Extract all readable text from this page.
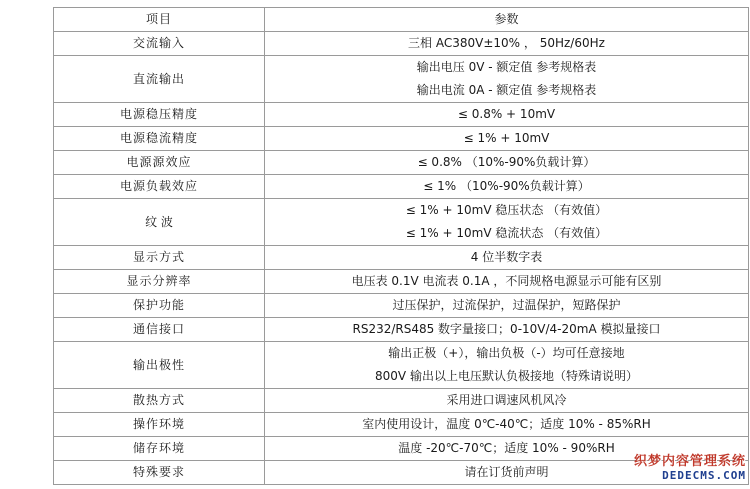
项目	参数
交流输入	三相 AC380V±10% ， 50Hz/60Hz
直流输出	输出电压 0V - 额定值 参考规格表
输出电流 0A - 额定值 参考规格表

电源稳压精度	≤ 0.8% + 10mV
电源稳流精度	≤ 1% + 10mV
电源源效应	≤ 0.8% （10%-90%负载计算）
电源负载效应	≤ 1% （10%-90%负载计算）
纹 波	≤ 1% + 10mV 稳压状态 （有效值）
≤ 1% + 10mV 稳流状态 （有效值）

显示方式	4 位半数字表
显示分辨率	电压表 0.1V 电流表 0.1A ，不同规格电源显示可能有区别
保护功能	过压保护，过流保护，过温保护，短路保护
通信接口	RS232/RS485 数字量接口；0-10V/4-20mA 模拟量接口
输出极性	输出正极（+），输出负极（-）均可任意接地
800V 输出以上电压默认负极接地（特殊请说明）

散热方式	采用进口调速风机风冷
操作环境	室内使用设计，温度 0℃-40℃；适度 10% - 85%RH
储存环境	温度 -20℃-70℃；适度 10% - 90%RH
特殊要求	请在订货前声明
织梦内容管理系统
DEDECMS.COM
